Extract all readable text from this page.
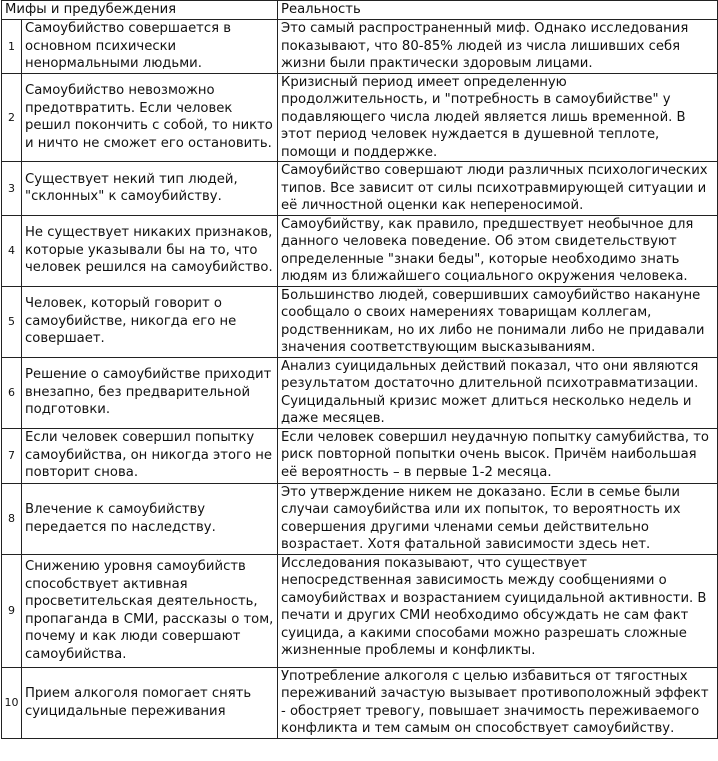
Мифы и предубеждения		Реальность
1	Самоубийство совершается в основном психически ненормальными людьми.	Это самый распространенный миф. Однако исследования показывают, что 80-85% людей из числа лишивших себя жизни были практически здоровым лицами.
2	Самоубийство невозможно предотвратить. Если человек решил покончить с собой, то никто и ничто не сможет его остановить.	Кризисный период имеет определенную продолжительность, и "потребность в самоубийстве" у подавляющего числа людей является лишь временной. В этот период человек нуждается в душевной теплоте, помощи и поддержке.
3	Существует некий тип людей, "склонных" к самоубийству.	Самоубийство совершают люди различных психологических типов. Все зависит от силы психотравмирующей ситуации и её личностной оценки как непереносимой.
4	Не существует никаких признаков, которые указывали бы на то, что человек решился на самоубийство.	Самоубийству, как правило, предшествует необычное для данного человека поведение. Об этом свидетельствуют определенные "знаки беды", которые необходимо знать людям из ближайшего социального окружения человека.
5	Человек, который говорит о самоубийстве, никогда его не совершает.	Большинство людей, совершивших самоубийство накануне сообщало о своих намерениях товарищам коллегам, родственникам, но их либо не понимали либо не придавали значения соответствующим высказываниям.
6	Решение о самоубийстве приходит внезапно, без предварительной подготовки.	Анализ суицидальных действий показал, что они являются результатом достаточно длительной психотравматизации. Суицидальный кризис может длиться несколько недель и даже месяцев.
7	Если человек совершил попытку самоубийства, он никогда этого не повторит снова.	Если человек совершил неудачную попытку самубийства, то риск повторной попытки очень высок. Причём наибольшая её вероятность – в первые 1-2 месяца.
8	Влечение к самоубийству передается по наследству.	Это утверждение никем не доказано. Если в семье были случаи самоубийства или их попыток, то вероятность их совершения другими членами семьи действительно возрастает. Хотя фатальной зависимости здесь нет.
9	Снижению уровня самоубийств способствует активная просветительская деятельность, пропаганда в СМИ, рассказы о том, почему и как люди совершают самоубийства.	Исследования показывают, что существует непосредственная зависимость между сообщениями о самоубийствах и возрастанием суицидальной активности. В печати и других СМИ необходимо обсуждать не сам факт суицида, а какими способами можно разрешать сложные жизненные проблемы и конфликты.
10	Прием алкоголя помогает снять суицидальные переживания	Употребление алкоголя с целью избавиться от тягостных переживаний зачастую вызывает противоположный эффект - обостряет тревогу, повышает значимость переживаемого конфликта и тем самым он способствует самоубийству.
